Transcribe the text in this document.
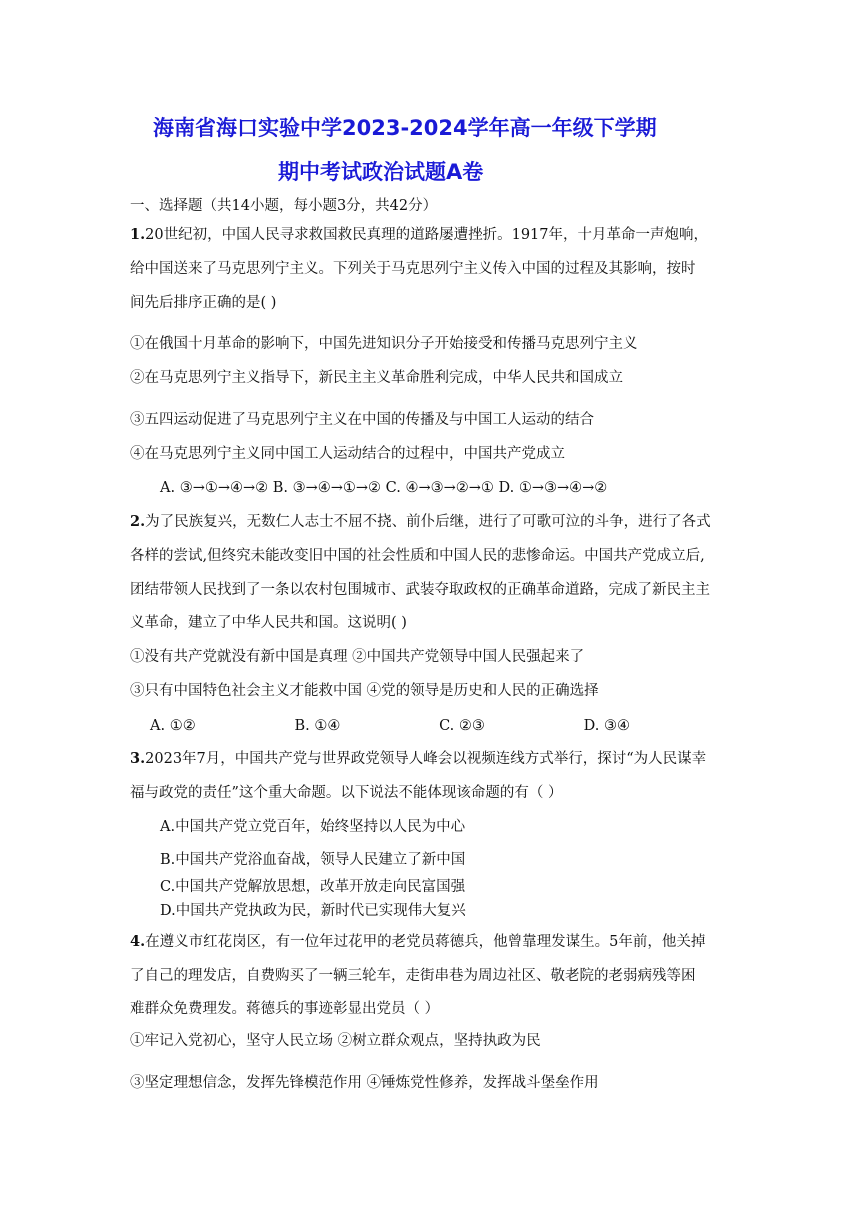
海南省海口实验中学2023-2024学年高一年级下学期
期中考试政治试题A卷
一、选择题（共14小题，每小题3分，共42分）
1.20世纪初，中国人民寻求救国救民真理的道路屡遭挫折。1917年，十月革命一声炮响，
给中国送来了马克思列宁主义。下列关于马克思列宁主义传入中国的过程及其影响，按时
间先后排序正确的是( )
①在俄国十月革命的影响下，中国先进知识分子开始接受和传播马克思列宁主义
②在马克思列宁主义指导下，新民主主义革命胜利完成，中华人民共和国成立
③五四运动促进了马克思列宁主义在中国的传播及与中国工人运动的结合
④在马克思列宁主义同中国工人运动结合的过程中，中国共产党成立
A. ③→①→④→② B. ③→④→①→② C. ④→③→②→① D. ①→③→④→②
2.为了民族复兴，无数仁人志士不屈不挠、前仆后继，进行了可歌可泣的斗争，进行了各式
各样的尝试,但终究未能改变旧中国的社会性质和中国人民的悲惨命运。中国共产党成立后,
团结带领人民找到了一条以农村包围城市、武装夺取政权的正确革命道路，完成了新民主主
义革命，建立了中华人民共和国。这说明( )
①没有共产党就没有新中国是真理 ②中国共产党领导中国人民强起来了
③只有中国特色社会主义才能救中国 ④党的领导是历史和人民的正确选择
A. ①②	B. ①④	C. ②③	D. ③④
3.2023年7月，中国共产党与世界政党领导人峰会以视频连线方式举行，探讨“为人民谋幸
福与政党的责任”这个重大命题。以下说法不能体现该命题的有（ ）
A.中国共产党立党百年，始终坚持以人民为中心
B.中国共产党浴血奋战，领导人民建立了新中国
C.中国共产党解放思想，改革开放走向民富国强
D.中国共产党执政为民，新时代已实现伟大复兴
4.在遵义市红花岗区，有一位年过花甲的老党员蒋德兵，他曾靠理发谋生。5年前，他关掉
了自己的理发店，自费购买了一辆三轮车，走街串巷为周边社区、敬老院的老弱病残等困
难群众免费理发。蒋德兵的事迹彰显出党员（ ）
①牢记入党初心，坚守人民立场 ②树立群众观点，坚持执政为民
③坚定理想信念，发挥先锋模范作用 ④锤炼党性修养，发挥战斗堡垒作用
